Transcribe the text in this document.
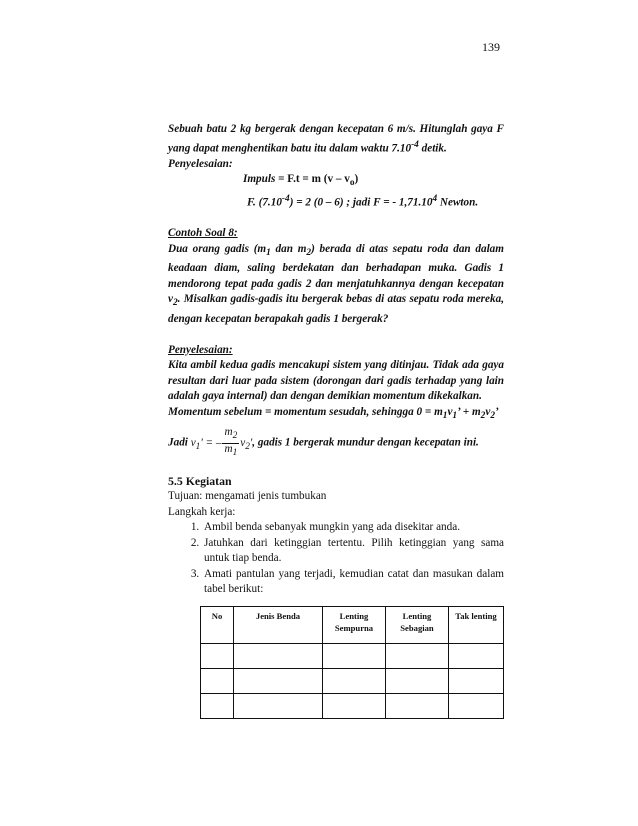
139

Sebuah batu 2 kg bergerak dengan kecepatan 6 m/s. Hitunglah gaya F yang dapat menghentikan batu itu dalam waktu $7.10^{-4}$ detik.

Penyelesaian:

Impuls = F.t = m $(v - v_o)$

F. $(7.10^{-4}) = 2$ (0 – 6) ; jadi F = - 1,71.10$^4$ Newton.

Contoh Soal 8:

Dua orang gadis ($m_1$ dan $m_2$) berada di atas sepatu roda dan dalam keadaan diam, saling berdekatan dan berhadapan muka. Gadis 1 mendorong tepat pada gadis 2 dan menjatuhkannya dengan kecepatan $v_2$. Misalkan gadis-gadis itu bergerak bebas di atas sepatu roda mereka, dengan kecepatan berapakah gadis 1 bergerak?

Penyelesaian:

Kita ambil kedua gadis mencakupi sistem yang ditinjau. Tidak ada gaya resultan dari luar pada sistem (dorongan dari gadis terhadap yang lain adalah gaya internal) dan dengan demikian momentum dikekalkan.

Momentum sebelum = momentum sesudah, sehingga $0 = m_1v_1$’ + $m_2v_2$’

Jadi $v_1'$ = – $\frac{m_2}{m_1} v_2'$, gadis 1 bergerak mundur dengan kecepatan ini.

5.5 Kegiatan

Tujuan: mengamati jenis tumbukan

Langkah kerja:

1. Ambil benda sebanyak mungkin yang ada disekitar anda.
2. Jatuhkan dari ketinggian tertentu. Pilih ketinggian yang sama untuk tiap benda.
3. Amati pantulan yang terjadi, kemudian catat dan masukan dalam tabel berikut:
No	Jenis Benda	Lenting Sempurna	Lenting Sebagian	Tak lenting
